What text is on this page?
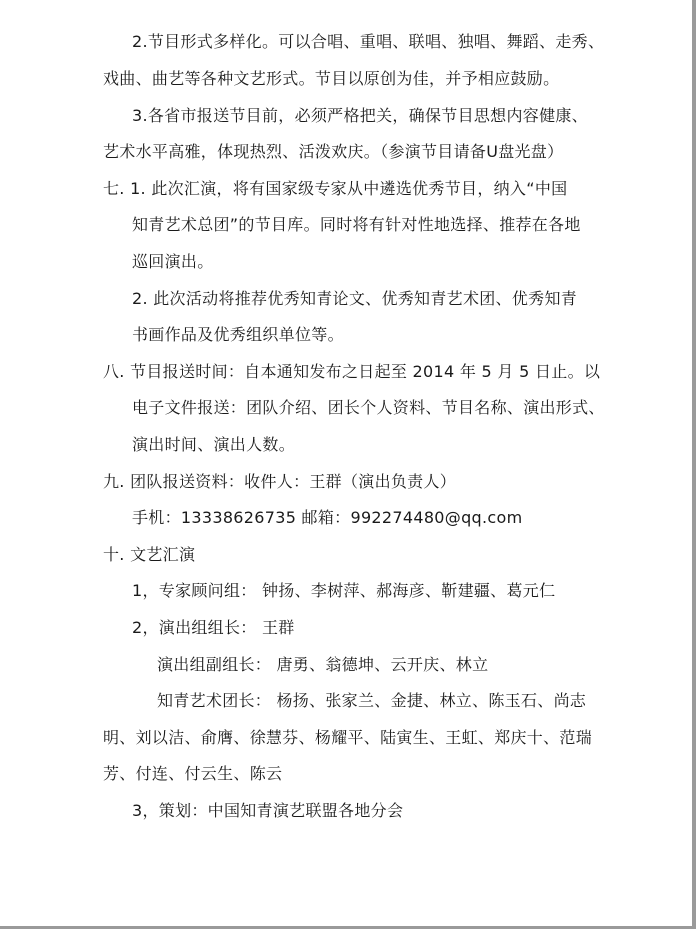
2.节目形式多样化。可以合唱、重唱、联唱、独唱、舞蹈、走秀、
戏曲、曲艺等各种文艺形式。节目以原创为佳，并予相应鼓励。
3.各省市报送节目前，必须严格把关，确保节目思想内容健康、
艺术水平高雅，体现热烈、活泼欢庆。（参演节目请备U盘光盘）
七. 1. 此次汇演，将有国家级专家从中遴选优秀节目，纳入“中国
知青艺术总团”的节目库。同时将有针对性地选择、推荐在各地
巡回演出。
2. 此次活动将推荐优秀知青论文、优秀知青艺术团、优秀知青
书画作品及优秀组织单位等。
八. 节目报送时间：自本通知发布之日起至 2014 年 5 月 5 日止。以
电子文件报送：团队介绍、团长个人资料、节目名称、演出形式、
演出时间、演出人数。
九. 团队报送资料：收件人：王群（演出负责人）
手机：13338626735 邮箱：992274480@qq.com
十. 文艺汇演
1，专家顾问组： 钟扬、李树萍、郝海彦、靳建疆、葛元仁
2，演出组组长： 王群
演出组副组长： 唐勇、翁德坤、云开庆、林立
知青艺术团长： 杨扬、张家兰、金捷、林立、陈玉石、尚志
明、刘以洁、俞膺、徐慧芬、杨耀平、陆寅生、王虹、郑庆十、范瑞
芳、付连、付云生、陈云
3，策划：中国知青演艺联盟各地分会
